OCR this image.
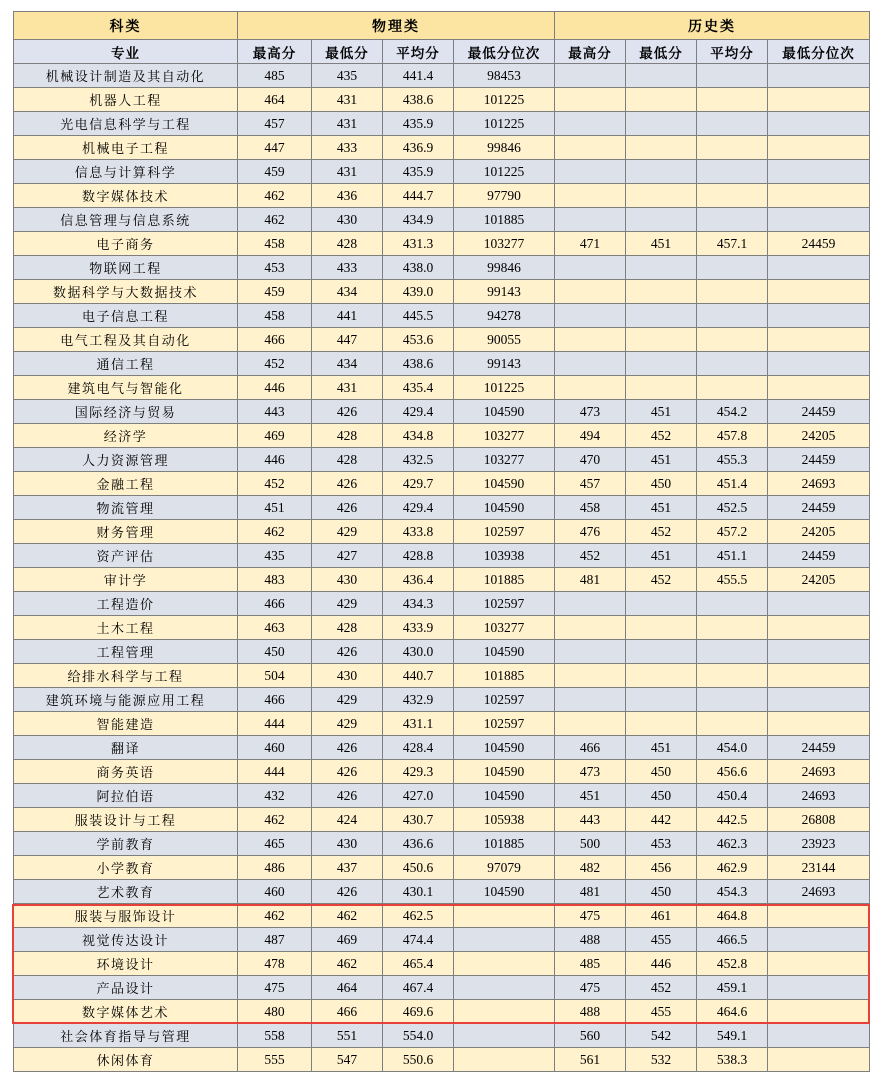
科类	物理类				历史类			
专业	最高分	最低分	平均分	最低分位次	最高分	最低分	平均分	最低分位次
机械设计制造及其自动化	485	435	441.4	98453				
机器人工程	464	431	438.6	101225				
光电信息科学与工程	457	431	435.9	101225				
机械电子工程	447	433	436.9	99846				
信息与计算科学	459	431	435.9	101225				
数字媒体技术	462	436	444.7	97790				
信息管理与信息系统	462	430	434.9	101885				
电子商务	458	428	431.3	103277	471	451	457.1	24459
物联网工程	453	433	438.0	99846				
数据科学与大数据技术	459	434	439.0	99143				
电子信息工程	458	441	445.5	94278				
电气工程及其自动化	466	447	453.6	90055				
通信工程	452	434	438.6	99143				
建筑电气与智能化	446	431	435.4	101225				
国际经济与贸易	443	426	429.4	104590	473	451	454.2	24459
经济学	469	428	434.8	103277	494	452	457.8	24205
人力资源管理	446	428	432.5	103277	470	451	455.3	24459
金融工程	452	426	429.7	104590	457	450	451.4	24693
物流管理	451	426	429.4	104590	458	451	452.5	24459
财务管理	462	429	433.8	102597	476	452	457.2	24205
资产评估	435	427	428.8	103938	452	451	451.1	24459
审计学	483	430	436.4	101885	481	452	455.5	24205
工程造价	466	429	434.3	102597				
土木工程	463	428	433.9	103277				
工程管理	450	426	430.0	104590				
给排水科学与工程	504	430	440.7	101885				
建筑环境与能源应用工程	466	429	432.9	102597				
智能建造	444	429	431.1	102597				
翻译	460	426	428.4	104590	466	451	454.0	24459
商务英语	444	426	429.3	104590	473	450	456.6	24693
阿拉伯语	432	426	427.0	104590	451	450	450.4	24693
服装设计与工程	462	424	430.7	105938	443	442	442.5	26808
学前教育	465	430	436.6	101885	500	453	462.3	23923
小学教育	486	437	450.6	97079	482	456	462.9	23144
艺术教育	460	426	430.1	104590	481	450	454.3	24693
服装与服饰设计	462	462	462.5		475	461	464.8	
视觉传达设计	487	469	474.4		488	455	466.5	
环境设计	478	462	465.4		485	446	452.8	
产品设计	475	464	467.4		475	452	459.1	
数字媒体艺术	480	466	469.6		488	455	464.6	
社会体育指导与管理	558	551	554.0		560	542	549.1	
休闲体育	555	547	550.6		561	532	538.3	
